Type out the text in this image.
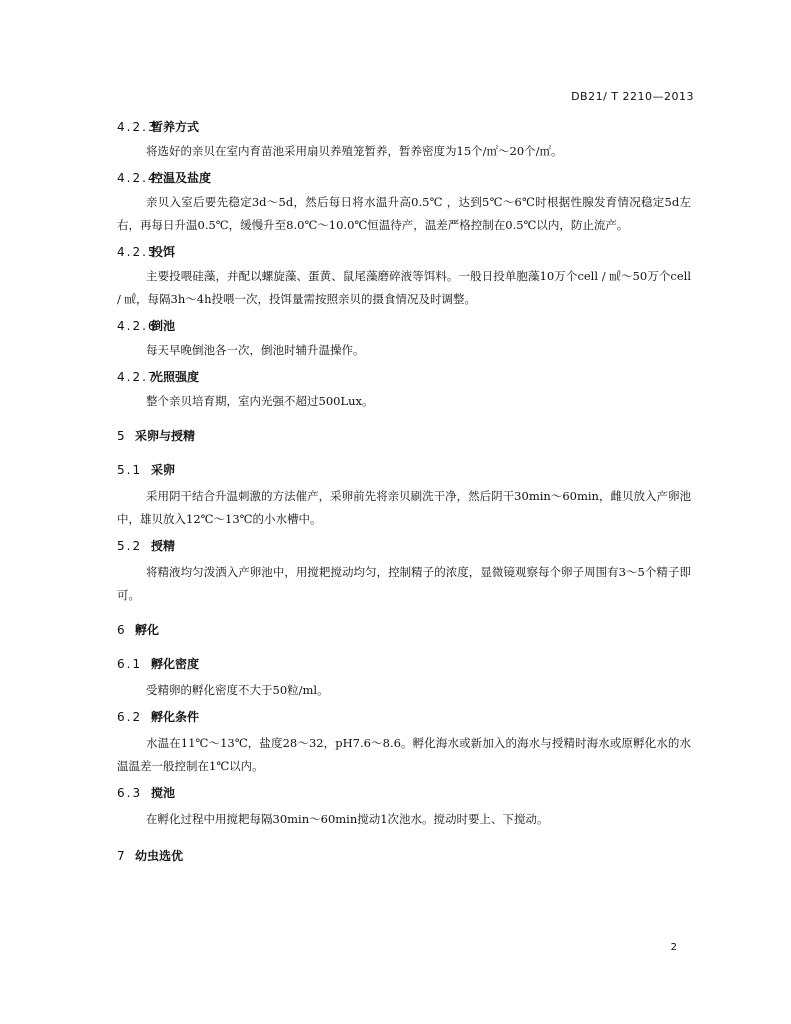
DB21/ T 2210—2013
4.2.3暂养方式

将选好的亲贝在室内育苗池采用扇贝养殖笼暂养，暂养密度为15个/㎡～20个/㎡。

4.2.4控温及盐度

亲贝入室后要先稳定3d～5d，然后每日将水温升高0.5℃ ，达到5℃～6℃时根据性腺发育情况稳定5d左右，再每日升温0.5℃，缓慢升至8.0℃～10.0℃恒温待产，温差严格控制在0.5℃以内，防止流产。

4.2.5投饵

主要投喂硅藻，并配以螺旋藻、蛋黄、鼠尾藻磨碎液等饵料。一般日投单胞藻10万个cell / ㎖～50万个cell / ㎖，每隔3h～4h投喂一次，投饵量需按照亲贝的摄食情况及时调整。

4.2.6倒池

每天早晚倒池各一次，倒池时辅升温操作。

4.2.7光照强度

整个亲贝培育期，室内光强不超过500Lux。

5 采卵与授精
5.1 采卵

采用阴干结合升温刺激的方法催产，采卵前先将亲贝刷洗干净，然后阴干30min～60min，雌贝放入产卵池中，雄贝放入12℃～13℃的小水槽中。

5.2 授精

将精液均匀泼洒入产卵池中，用搅耙搅动均匀，控制精子的浓度，显微镜观察每个卵子周围有3～5个精子即可。

6 孵化
6.1 孵化密度

受精卵的孵化密度不大于50粒/ml。

6.2 孵化条件

水温在11℃～13℃，盐度28～32，pH7.6～8.6。孵化海水或新加入的海水与授精时海水或原孵化水的水温温差一般控制在1℃以内。

6.3 搅池

在孵化过程中用搅耙每隔30min～60min搅动1次池水。搅动时要上、下搅动。

7 幼虫选优
2
